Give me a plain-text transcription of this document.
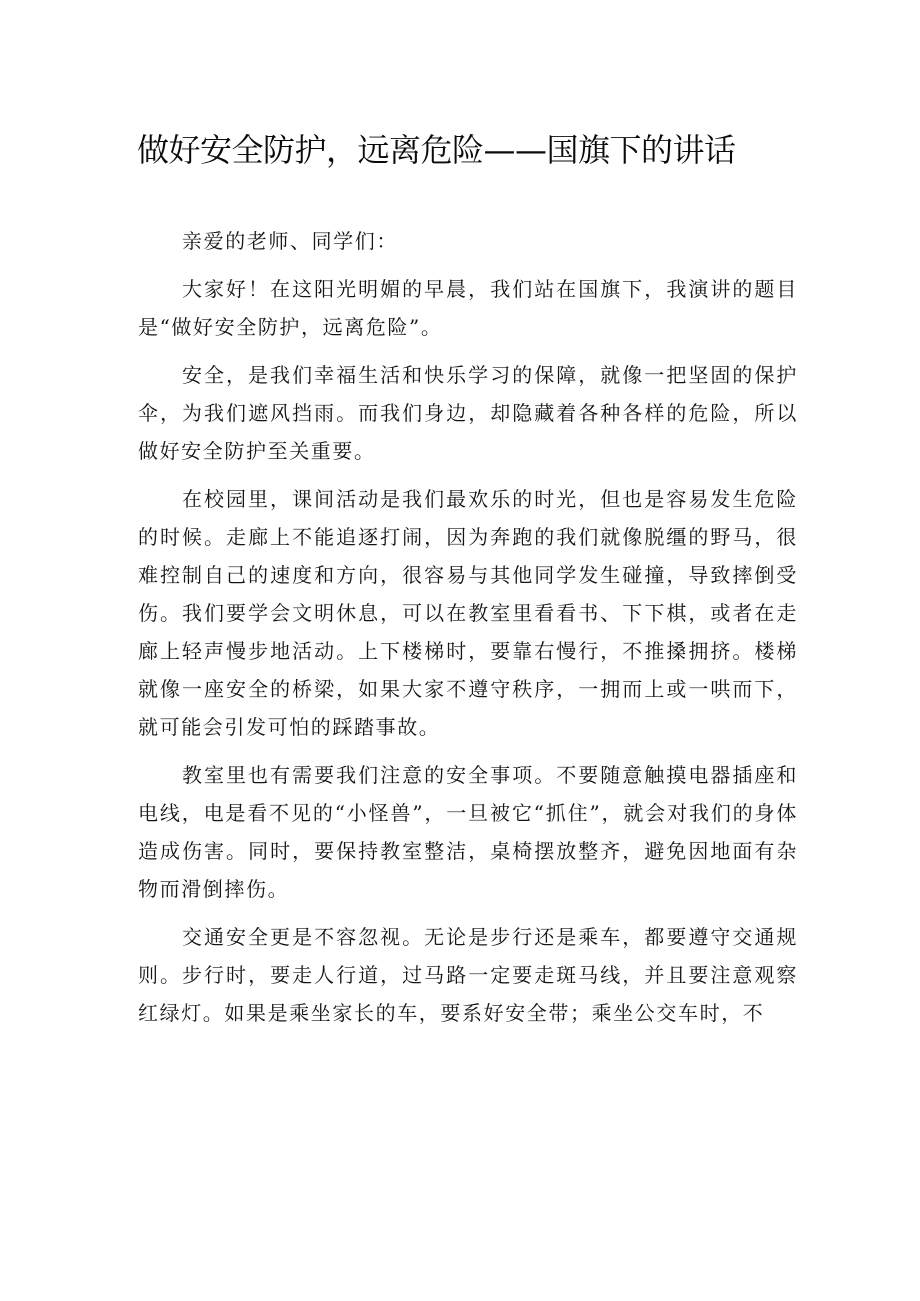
做好安全防护，远离危险——国旗下的讲话

亲爱的老师、同学们：

大家好！在这阳光明媚的早晨，我们站在国旗下，我演讲的题目是“做好安全防护，远离危险”。

安全，是我们幸福生活和快乐学习的保障，就像一把坚固的保护伞，为我们遮风挡雨。而我们身边，却隐藏着各种各样的危险，所以做好安全防护至关重要。

在校园里，课间活动是我们最欢乐的时光，但也是容易发生危险的时候。走廊上不能追逐打闹，因为奔跑的我们就像脱缰的野马，很难控制自己的速度和方向，很容易与其他同学发生碰撞，导致摔倒受伤。我们要学会文明休息，可以在教室里看看书、下下棋，或者在走廊上轻声慢步地活动。上下楼梯时，要靠右慢行，不推搡拥挤。楼梯就像一座安全的桥梁，如果大家不遵守秩序，一拥而上或一哄而下，就可能会引发可怕的踩踏事故。

教室里也有需要我们注意的安全事项。不要随意触摸电器插座和电线，电是看不见的“小怪兽”，一旦被它“抓住”，就会对我们的身体造成伤害。同时，要保持教室整洁，桌椅摆放整齐，避免因地面有杂物而滑倒摔伤。

交通安全更是不容忽视。无论是步行还是乘车，都要遵守交通规则。步行时，要走人行道，过马路一定要走斑马线，并且要注意观察红绿灯。如果是乘坐家长的车，要系好安全带；乘坐公交车时，不
